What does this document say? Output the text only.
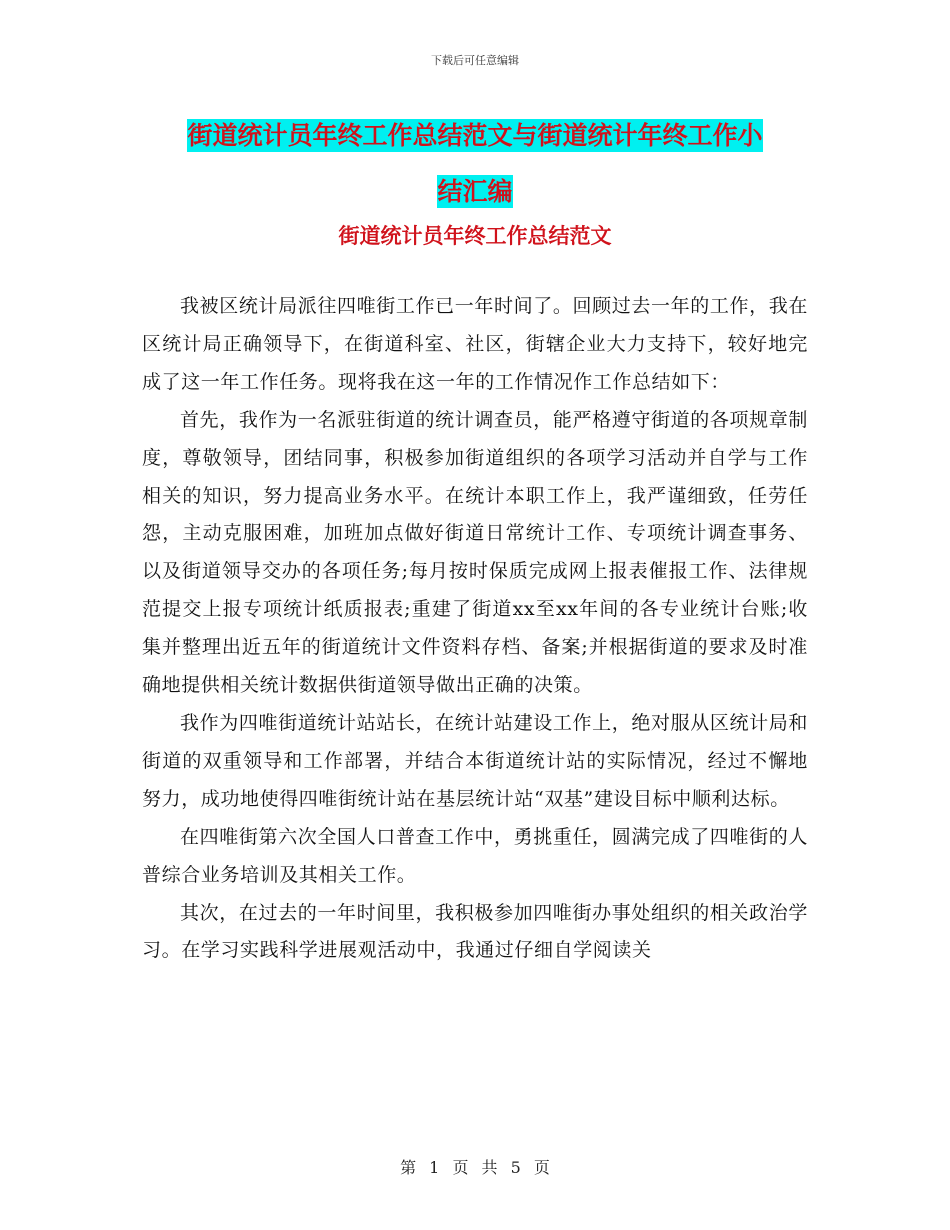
下载后可任意编辑
街道统计员年终工作总结范文与街道统计年终工作小
结汇编
街道统计员年终工作总结范文

我被区统计局派往四唯街工作已一年时间了。回顾过去一年的工作，我在区统计局正确领导下，在街道科室、社区，街辖企业大力支持下，较好地完成了这一年工作任务。现将我在这一年的工作情况作工作总结如下：

首先，我作为一名派驻街道的统计调查员，能严格遵守街道的各项规章制度，尊敬领导，团结同事，积极参加街道组织的各项学习活动并自学与工作相关的知识，努力提高业务水平。在统计本职工作上，我严谨细致，任劳任怨，主动克服困难，加班加点做好街道日常统计工作、专项统计调查事务、以及街道领导交办的各项任务;每月按时保质完成网上报表催报工作、法律规范提交上报专项统计纸质报表;重建了街道xx至xx年间的各专业统计台账;收集并整理出近五年的街道统计文件资料存档、备案;并根据街道的要求及时准确地提供相关统计数据供街道领导做出正确的决策。

我作为四唯街道统计站站长，在统计站建设工作上，绝对服从区统计局和街道的双重领导和工作部署，并结合本街道统计站的实际情况，经过不懈地努力，成功地使得四唯街统计站在基层统计站“双基”建设目标中顺利达标。

在四唯街第六次全国人口普查工作中，勇挑重任，圆满完成了四唯街的人普综合业务培训及其相关工作。

其次，在过去的一年时间里，我积极参加四唯街办事处组织的相关政治学习。在学习实践科学进展观活动中，我通过仔细自学阅读关

第 1 页 共 5 页
